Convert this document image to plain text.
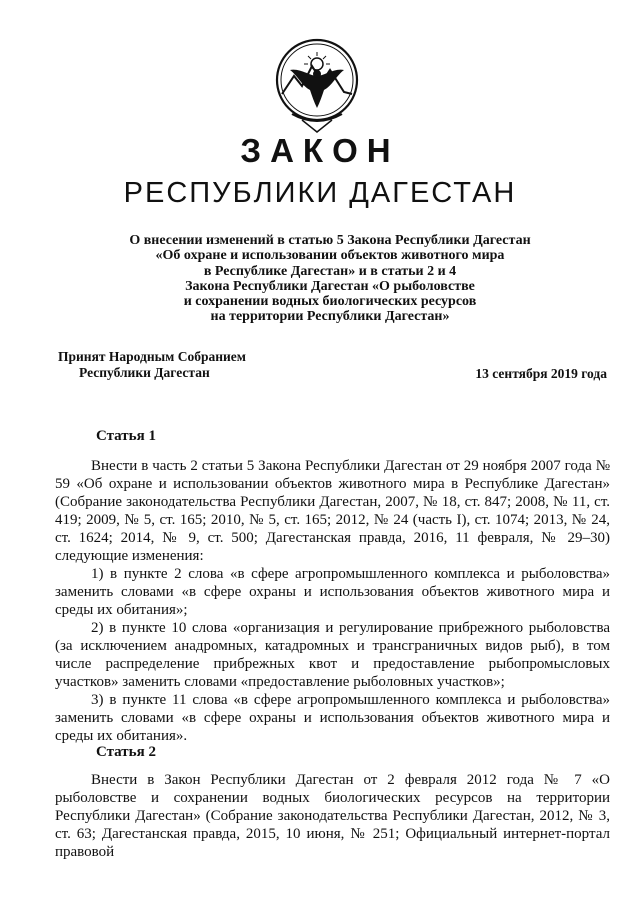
ЗАКОН
РЕСПУБЛИКИ ДАГЕСТАН
О внесении изменений в статью 5 Закона Республики Дагестан
«Об охране и использовании объектов животного мира
в Республике Дагестан» и в статьи 2 и 4
Закона Республики Дагестан «О рыболовстве
и сохранении водных биологических ресурсов
на территории Республики Дагестан»
Принят Народным Собранием
Республики Дагестан	13 сентября 2019 года
Статья 1

Внести в часть 2 статьи 5 Закона Республики Дагестан от 29 ноября 2007 года № 59 «Об охране и использовании объектов животного мира в Республике Дагестан» (Собрание законодательства Республики Дагестан, 2007, № 18, ст. 847; 2008, № 11, ст. 419; 2009, № 5, ст. 165; 2010, № 5, ст. 165; 2012, № 24 (часть I), ст. 1074; 2013, № 24, ст. 1624; 2014, № 9, ст. 500; Дагестанская правда, 2016, 11 февраля, № 29–30) следующие изменения:

1) в пункте 2 слова «в сфере агропромышленного комплекса и рыболовства» заменить словами «в сфере охраны и использования объектов животного мира и среды их обитания»;

2) в пункте 10 слова «организация и регулирование прибрежного рыболовства (за исключением анадромных, катадромных и трансграничных видов рыб), в том числе распределение прибрежных квот и предоставление рыбопромысловых участков» заменить словами «предоставление рыболовных участков»;

3) в пункте 11 слова «в сфере агропромышленного комплекса и рыболовства» заменить словами «в сфере охраны и использования объектов животного мира и среды их обитания».

Статья 2

Внести в Закон Республики Дагестан от 2 февраля 2012 года № 7 «О рыболовстве и сохранении водных биологических ресурсов на территории Республики Дагестан» (Собрание законодательства Республики Дагестан, 2012, № 3, ст. 63; Дагестанская правда, 2015, 10 июня, № 251; Официальный интернет-портал правовой
